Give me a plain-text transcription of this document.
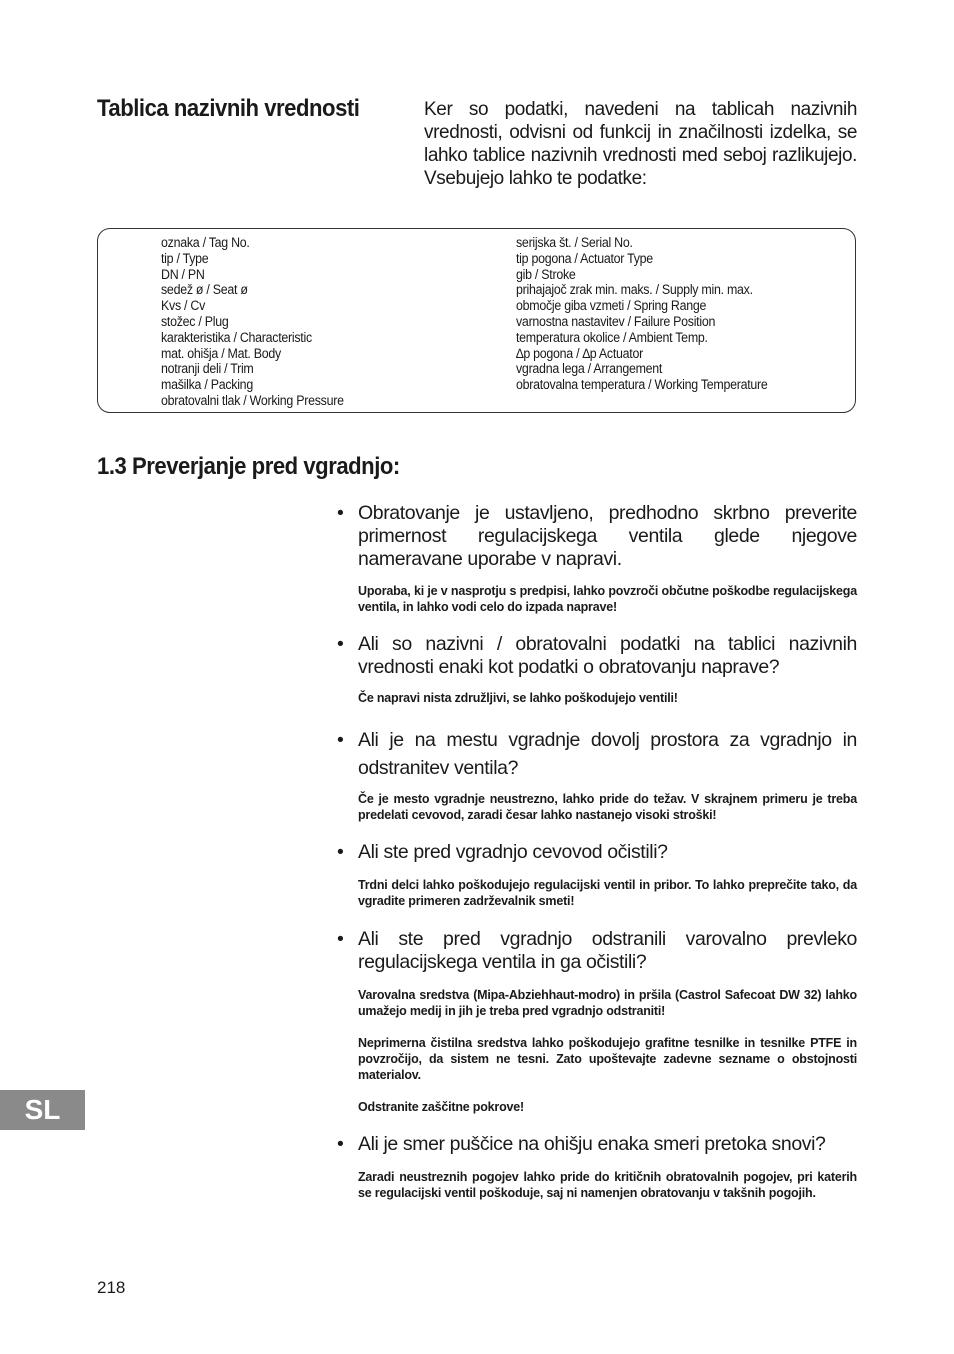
Tablica nazivnih vrednosti	Ker so podatki, navedeni na tablicah nazivnih vrednosti, odvisni od funkcij in značilnosti izdelka, se lahko tablice nazivnih vrednosti med seboj razlikujejo. Vsebujejo lahko te podatke:

oznaka / Tag No.
tip / Type
DN / PN
sedež ø / Seat ø
Kvs / Cv
stožec / Plug
karakteristika / Characteristic
mat. ohišja / Mat. Body
notranji deli / Trim
mašilka / Packing
obratovalni tlak / Working Pressure
serijska št. / Serial No.
tip pogona / Actuator Type
gib / Stroke
prihajajoč zrak min. maks. / Supply min. max.
območje giba vzmeti / Spring Range
varnostna nastavitev / Failure Position
temperatura okolice / Ambient Temp.
∆p pogona / ∆p Actuator
vgradna lega / Arrangement
obratovalna temperatura / Working Temperature
1.3 Preverjanje pred vgradnjo:
• Obratovanje je ustavljeno, predhodno skrbno preverite primernost regulacijskega ventila glede njegove nameravane uporabe v napravi.
Uporaba, ki je v nasprotju s predpisi, lahko povzroči občutne poškodbe regulacijskega ventila, in lahko vodi celo do izpada naprave!
• Ali so nazivni / obratovalni podatki na tablici nazivnih vrednosti enaki kot podatki o obratovanju naprave?
Če napravi nista združljivi, se lahko poškodujejo ventili!
• Ali je na mestu vgradnje dovolj prostora za vgradnjo in odstranitev ventila?
Če je mesto vgradnje neustrezno, lahko pride do težav. V skrajnem primeru je treba predelati cevovod, zaradi česar lahko nastanejo visoki stroški!
• Ali ste pred vgradnjo cevovod očistili?
Trdni delci lahko poškodujejo regulacijski ventil in pribor. To lahko preprečite tako, da vgradite primeren zadrževalnik smeti!
• Ali ste pred vgradnjo odstranili varovalno prevleko regulacijskega ventila in ga očistili?
Varovalna sredstva (Mipa-Abziehhaut-modro) in pršila (Castrol Safecoat DW 32) lahko umažejo medij in jih je treba pred vgradnjo odstraniti!
Neprimerna čistilna sredstva lahko poškodujejo grafitne tesnilke in tesnilke PTFE in povzročijo, da sistem ne tesni. Zato upoštevajte zadevne sezname o obstojnosti materialov.
Odstranite zaščitne pokrove!
• Ali je smer puščice na ohišju enaka smeri pretoka snovi?
Zaradi neustreznih pogojev lahko pride do kritičnih obratovalnih pogojev, pri katerih se regulacijski ventil poškoduje, saj ni namenjen obratovanju v takšnih pogojih.
SL
218
